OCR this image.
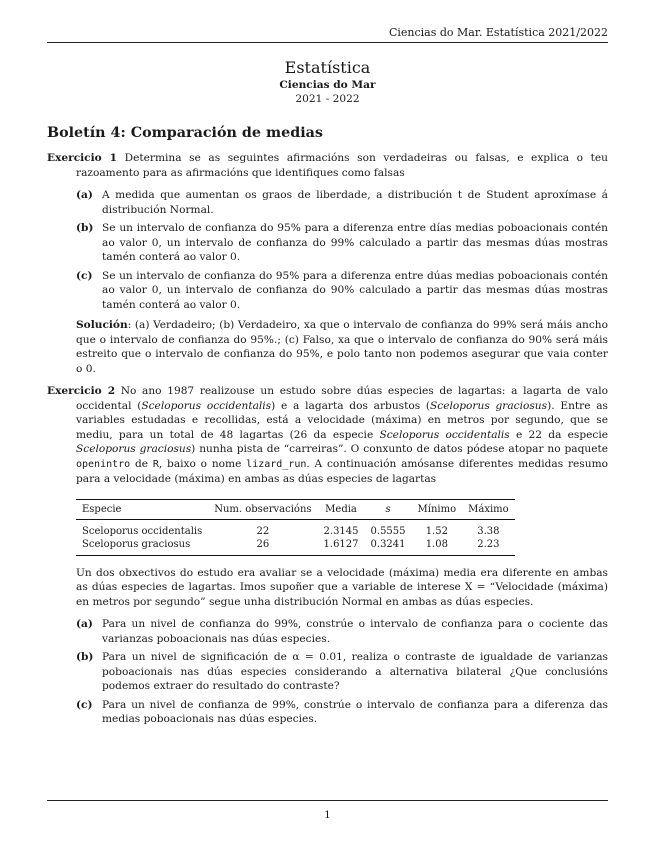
Ciencias do Mar. Estatística 2021/2022
Estatística
Ciencias do Mar
2021 - 2022
Boletín 4: Comparación de medias
Exercicio 1 Determina se as seguintes afirmacións son verdadeiras ou falsas, e explica o teu razoamento para as afirmacións que identifiques como falsas
(a) A medida que aumentan os graos de liberdade, a distribución t de Student aproxímase á distribución Normal.
(b) Se un intervalo de confianza do 95% para a diferenza entre días medias poboacionais contén ao valor 0, un intervalo de confianza do 99% calculado a partir das mesmas dúas mostras tamén conterá ao valor 0.
(c) Se un intervalo de confianza do 95% para a diferenza entre dúas medias poboacionais contén ao valor 0, un intervalo de confianza do 90% calculado a partir das mesmas dúas mostras tamén conterá ao valor 0.
Solución: (a) Verdadeiro; (b) Verdadeiro, xa que o intervalo de confianza do 99% será máis ancho que o intervalo de confianza do 95%.; (c) Falso, xa que o intervalo de confianza do 90% será máis estreito que o intervalo de confianza do 95%, e polo tanto non podemos asegurar que vaia conter o 0.
Exercicio 2 No ano 1987 realizouse un estudo sobre dúas especies de lagartas: a lagarta de valo occidental (Sceloporus occidentalis) e a lagarta dos arbustos (Sceloporus graciosus). Entre as variables estudadas e recollidas, está a velocidade (máxima) en metros por segundo, que se mediu, para un total de 48 lagartas (26 da especie Sceloporus occidentalis e 22 da especie Sceloporus graciosus) nunha pista de “carreiras”. O conxunto de datos pódese atopar no paquete openintro de R, baixo o nome lizard_run. A continuación amósanse diferentes medidas resumo para a velocidade (máxima) en ambas as dúas especies de lagartas
Especie	Num. observacións	Media	s	Mínimo	Máximo
Sceloporus occidentalis	22	2.3145	0.5555	1.52	3.38
Sceloporus graciosus	26	1.6127	0.3241	1.08	2.23
Un dos obxectivos do estudo era avaliar se a velocidade (máxima) media era diferente en ambas as dúas especies de lagartas. Imos supoñer que a variable de interese X = “Velocidade (máxima) en metros por segundo” segue unha distribución Normal en ambas as dúas especies.
(a) Para un nivel de confianza do 99%, constrúe o intervalo de confianza para o cociente das varianzas poboacionais nas dúas especies.
(b) Para un nivel de significación de α = 0.01, realiza o contraste de igualdade de varianzas poboacionais nas dúas especies considerando a alternativa bilateral ¿Que conclusións podemos extraer do resultado do contraste?
(c) Para un nivel de confianza de 99%, constrúe o intervalo de confianza para a diferenza das medias poboacionais nas dúas especies.
1
